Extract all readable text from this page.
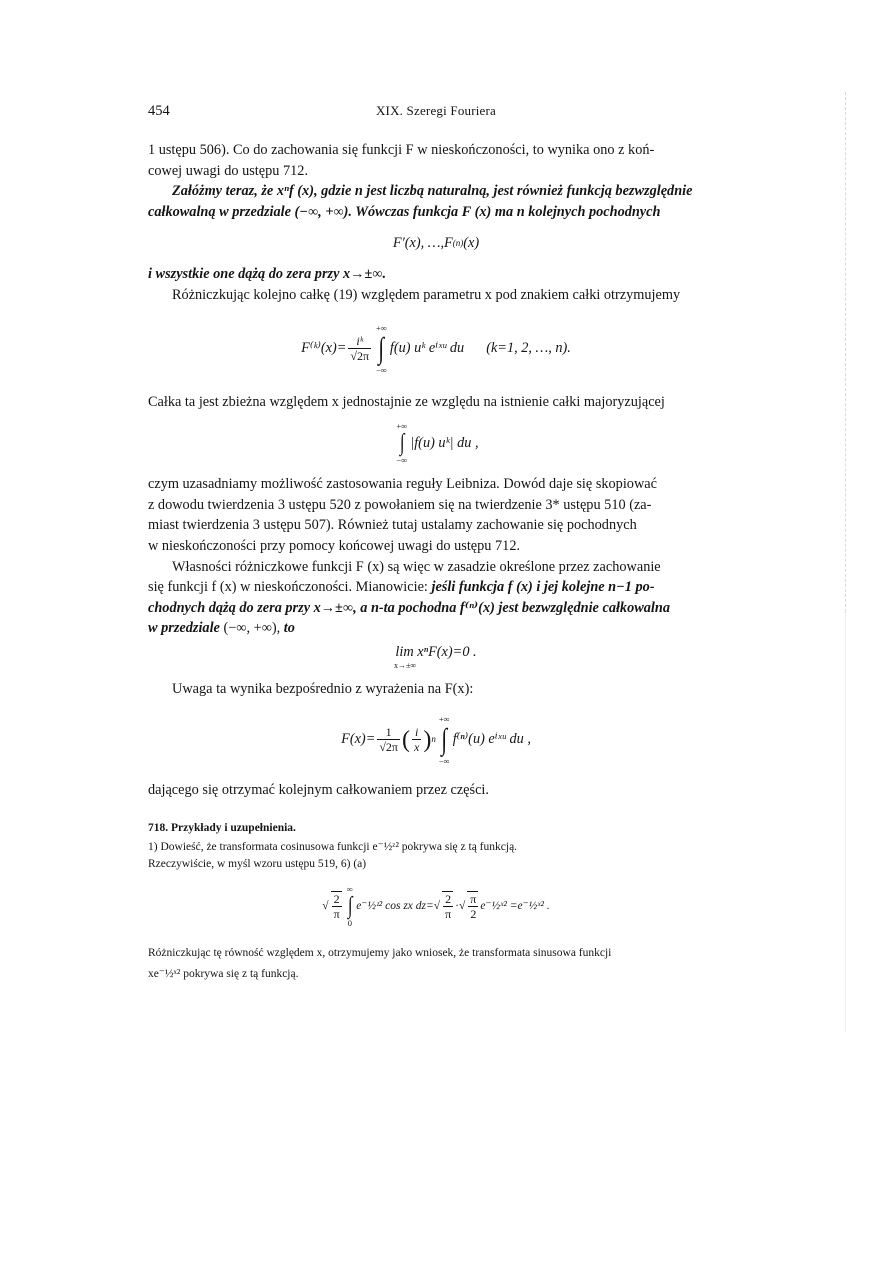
454	XIX. Szeregi Fouriera

1 ustępu 506). Co do zachowania się funkcji F w nieskończoności, to wynika ono z koń-

cowej uwagi do ustępu 712.

Załóżmy teraz, że xⁿf (x), gdzie n jest liczbą naturalną, jest również funkcją bezwzględnie

całkowalną w przedziale (−∞, +∞). Wówczas funkcja F (x) ma n kolejnych pochodnych

F′(x), …, F (n) (x)

i wszystkie one dążą do zera przy x→±∞.

Różniczkując kolejno całkę (19) względem parametru x pod znakiem całki otrzymujemy

F⁽ᵏ⁾(x)= $\frac{\text{iᵏ}}{√2\pi}$
+∞
∫
−∞
f(u) uᵏ eⁱˣᵘ du (k=1, 2, …, n).

Całka ta jest zbieżna względem x jednostajnie ze względu na istnienie całki majoryzującej

+∞
∫
−∞
|f(u) uᵏ| du ,

czym uzasadniamy możliwość zastosowania reguły Leibniza. Dowód daje się skopiować

z dowodu twierdzenia 3 ustępu 520 z powołaniem się na twierdzenie 3* ustępu 510 (za-

miast twierdzenia 3 ustępu 507). Również tutaj ustalamy zachowanie się pochodnych

w nieskończoności przy pomocy końcowej uwagi do ustępu 712.

Własności różniczkowe funkcji F (x) są więc w zasadzie określone przez zachowanie

się funkcji f (x) w nieskończoności. Mianowicie: jeśli funkcja f (x) i jej kolejne n−1 po-

chodnych dążą do zera przy x→±∞, a n-ta pochodna f⁽ⁿ⁾(x) jest bezwzględnie całkowalna

w przedziale (−∞, +∞), to

lim xⁿF(x)=0 .
x→±∞

Uwaga ta wynika bezpośrednio z wyrażenia na F(x):

$F(x)= \frac{1}{√2\pi}$ ( $\frac{i}{x}$ ) n
+∞
∫
−∞
f⁽ⁿ⁾(u) eⁱˣᵘ du ,

dającego się otrzymać kolejnym całkowaniem przez części.

718. Przykłady i uzupełnienia.

1) Dowieść, że transformata cosinusowa funkcji e⁻½ᶻ² pokrywa się z tą funkcją.

Rzeczywiście, w myśl wzoru ustępu 519, 6) (a)

√ $\frac{2}{\pi}$
∞
∫
0
e⁻½ᶻ² cos zx dz= √ $\frac{2}{\pi}$ · √ $\frac{\pi}{2}$ e⁻½ˣ² =e⁻½ˣ² .

Różniczkując tę równość względem x, otrzymujemy jako wniosek, że transformata sinusowa funkcji

xe⁻½ˣ² pokrywa się z tą funkcją.
